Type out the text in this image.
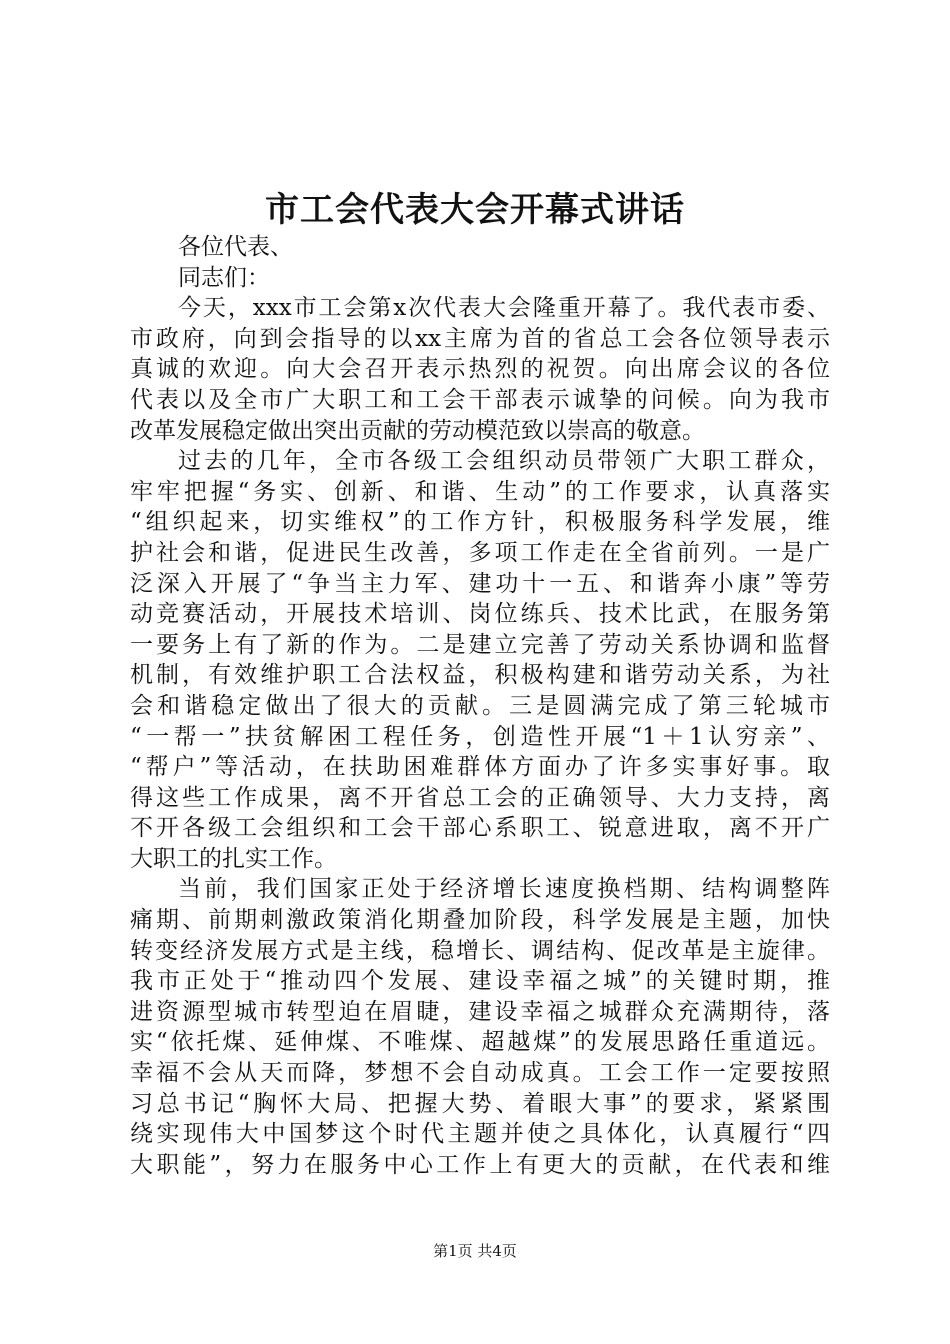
市工会代表大会开幕式讲话
各位代表、
同志们：
今天，xxx市工会第x次代表大会隆重开幕了。我代表市委、
市政府，向到会指导的以xx主席为首的省总工会各位领导表示
真诚的欢迎。向大会召开表示热烈的祝贺。向出席会议的各位
代表以及全市广大职工和工会干部表示诚挚的问候。向为我市
改革发展稳定做出突出贡献的劳动模范致以崇高的敬意。
过去的几年，全市各级工会组织动员带领广大职工群众，
牢牢把握“务实、创新、和谐、生动”的工作要求，认真落实
“组织起来，切实维权”的工作方针，积极服务科学发展，维
护社会和谐，促进民生改善，多项工作走在全省前列。一是广
泛深入开展了“争当主力军、建功十一五、和谐奔小康”等劳
动竞赛活动，开展技术培训、岗位练兵、技术比武，在服务第
一要务上有了新的作为。二是建立完善了劳动关系协调和监督
机制，有效维护职工合法权益，积极构建和谐劳动关系，为社
会和谐稳定做出了很大的贡献。三是圆满完成了第三轮城市
“一帮一”扶贫解困工程任务，创造性开展“1＋1认穷亲”、
“帮户”等活动，在扶助困难群体方面办了许多实事好事。取
得这些工作成果，离不开省总工会的正确领导、大力支持，离
不开各级工会组织和工会干部心系职工、锐意进取，离不开广
大职工的扎实工作。
当前，我们国家正处于经济增长速度换档期、结构调整阵
痛期、前期刺激政策消化期叠加阶段，科学发展是主题，加快
转变经济发展方式是主线，稳增长、调结构、促改革是主旋律。
我市正处于“推动四个发展、建设幸福之城”的关键时期，推
进资源型城市转型迫在眉睫，建设幸福之城群众充满期待，落
实“依托煤、延伸煤、不唯煤、超越煤”的发展思路任重道远。
幸福不会从天而降，梦想不会自动成真。工会工作一定要按照
习总书记“胸怀大局、把握大势、着眼大事”的要求，紧紧围
绕实现伟大中国梦这个时代主题并使之具体化，认真履行“四
大职能”，努力在服务中心工作上有更大的贡献，在代表和维
第1页 共4页
